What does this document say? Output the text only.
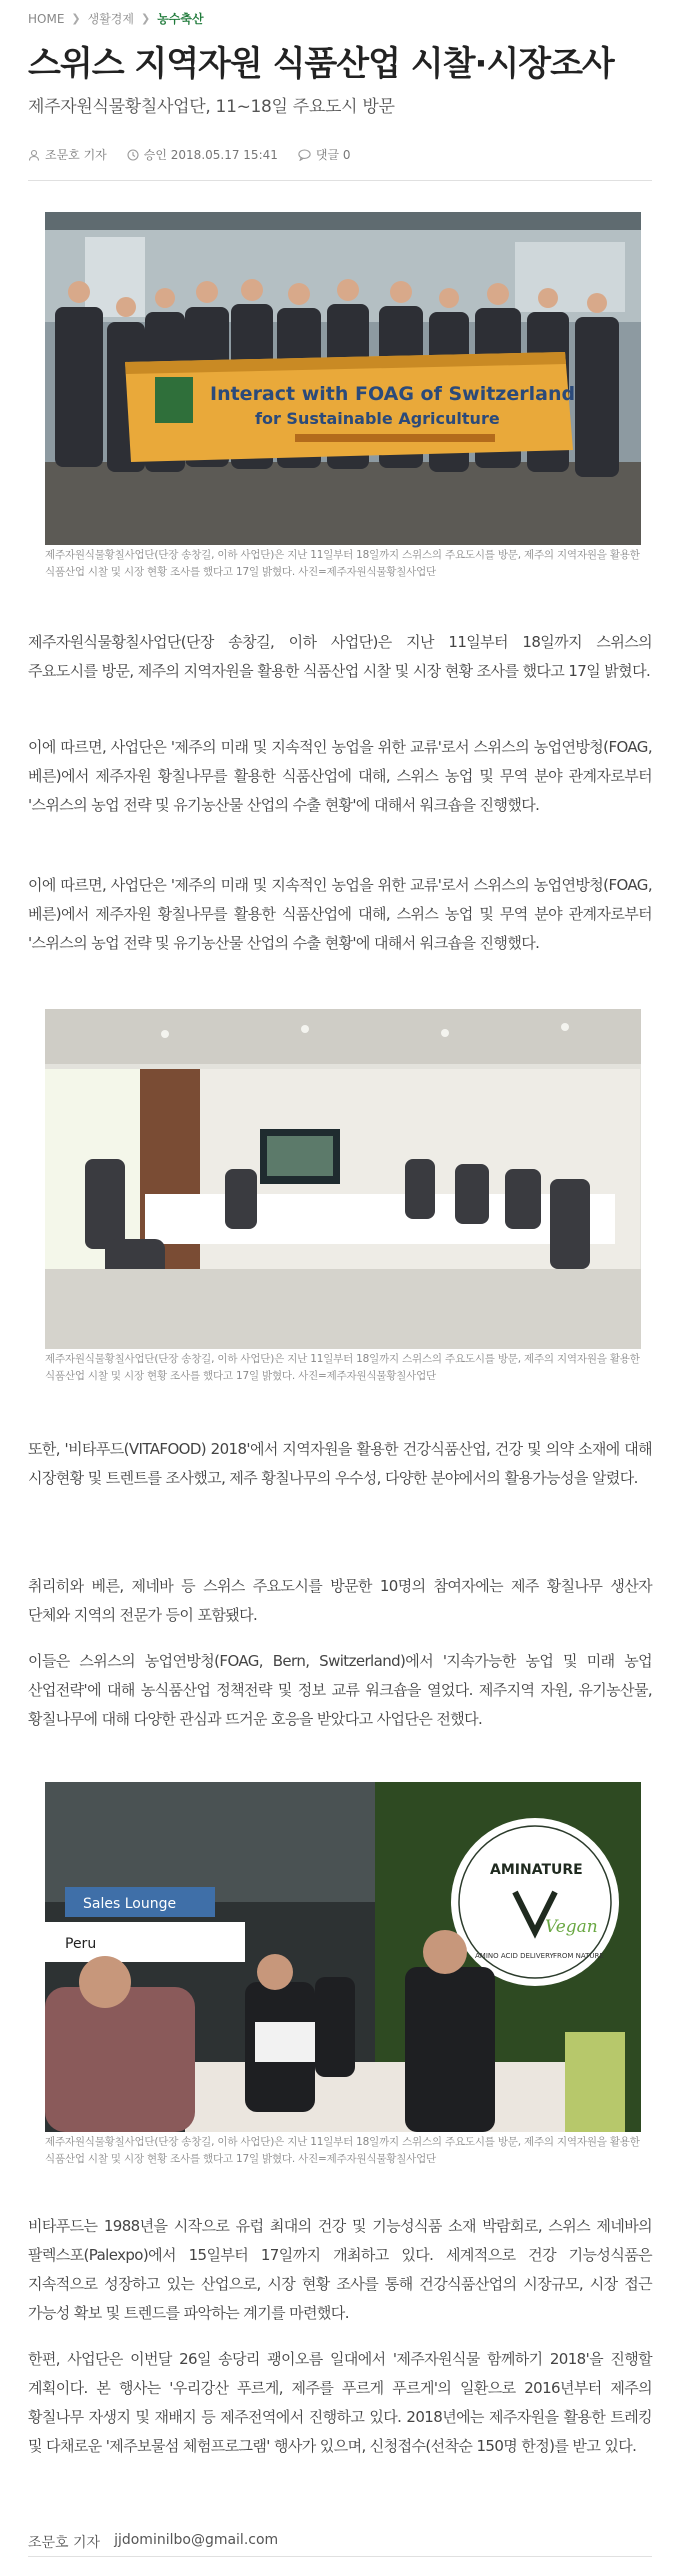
HOME ❯ 생활경제 ❯ 농수축산
스위스 지역자원 식품산업 시찰·시장조사
제주자원식물황칠사업단, 11~18일 주요도시 방문
조문호 기자	승인 2018.05.17 15:41	댓글 0
Interact with FOAG of Switzerland
for Sustainable Agriculture
제주자원식물황칠사업단(단장 송창길, 이하 사업단)은 지난 11일부터 18일까지 스위스의 주요도시를 방문, 제주의 지역자원을 활용한 식품산업 시찰 및 시장 현황 조사를 했다고 17일 밝혔다. 사진=제주자원식물황칠사업단

제주자원식물황칠사업단(단장 송창길, 이하 사업단)은 지난 11일부터 18일까지 스위스의 주요도시를 방문, 제주의 지역자원을 활용한 식품산업 시찰 및 시장 현황 조사를 했다고 17일 밝혔다.

이에 따르면, 사업단은 '제주의 미래 및 지속적인 농업을 위한 교류'로서 스위스의 농업연방청(FOAG, 베른)에서 제주자원 황칠나무를 활용한 식품산업에 대해, 스위스 농업 및 무역 분야 관계자로부터 '스위스의 농업 전략 및 유기농산물 산업의 수출 현황'에 대해서 워크숍을 진행했다.

이에 따르면, 사업단은 '제주의 미래 및 지속적인 농업을 위한 교류'로서 스위스의 농업연방청(FOAG, 베른)에서 제주자원 황칠나무를 활용한 식품산업에 대해, 스위스 농업 및 무역 분야 관계자로부터 '스위스의 농업 전략 및 유기농산물 산업의 수출 현황'에 대해서 워크숍을 진행했다.

제주자원식물황칠사업단(단장 송창길, 이하 사업단)은 지난 11일부터 18일까지 스위스의 주요도시를 방문, 제주의 지역자원을 활용한 식품산업 시찰 및 시장 현황 조사를 했다고 17일 밝혔다. 사진=제주자원식물황칠사업단

또한, '비타푸드(VITAFOOD) 2018'에서 지역자원을 활용한 건강식품산업, 건강 및 의약 소재에 대해 시장현황 및 트렌트를 조사했고, 제주 황칠나무의 우수성, 다양한 분야에서의 활용가능성을 알렸다.

취리히와 베른, 제네바 등 스위스 주요도시를 방문한 10명의 참여자에는 제주 황칠나무 생산자 단체와 지역의 전문가 등이 포함됐다.

이들은 스위스의 농업연방청(FOAG, Bern, Switzerland)에서 '지속가능한 농업 및 미래 농업 산업전략'에 대해 농식품산업 정책전략 및 정보 교류 워크숍을 열었다. 제주지역 자원, 유기농산물, 황칠나무에 대해 다양한 관심과 뜨거운 호응을 받았다고 사업단은 전했다.

Sales Lounge
Peru
AMINATURE
Vegan
AMINO ACID DELIVERY FROM NATURE
제주자원식물황칠사업단(단장 송창길, 이하 사업단)은 지난 11일부터 18일까지 스위스의 주요도시를 방문, 제주의 지역자원을 활용한 식품산업 시찰 및 시장 현황 조사를 했다고 17일 밝혔다. 사진=제주자원식물황칠사업단

비타푸드는 1988년을 시작으로 유럽 최대의 건강 및 기능성식품 소재 박람회로, 스위스 제네바의 팔렉스포(Palexpo)에서 15일부터 17일까지 개최하고 있다. 세계적으로 건강 기능성식품은 지속적으로 성장하고 있는 산업으로, 시장 현황 조사를 통해 건강식품산업의 시장규모, 시장 접근 가능성 확보 및 트렌드를 파악하는 계기를 마련했다.

한편, 사업단은 이번달 26일 송당리 괭이오름 일대에서 '제주자원식물 함께하기 2018'을 진행할 계획이다. 본 행사는 '우리강산 푸르게, 제주를 푸르게 푸르게'의 일환으로 2016년부터 제주의 황칠나무 자생지 및 재배지 등 제주전역에서 진행하고 있다. 2018년에는 제주자원을 활용한 트레킹 및 다채로운 '제주보물섬 체험프로그램' 행사가 있으며, 신청접수(선착순 150명 한정)를 받고 있다.

조문호 기자 jjdominilbo@gmail.com
